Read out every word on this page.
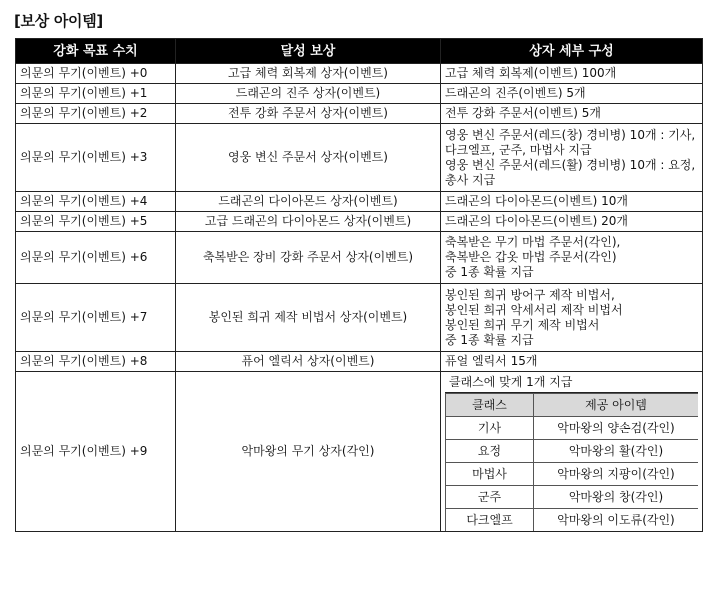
[보상 아이템]
강화 목표 수치	달성 보상	상자 세부 구성
의문의 무기(이벤트) +0	고급 체력 회복제 상자(이벤트)	고급 체력 회복제(이벤트) 100개

의문의 무기(이벤트) +1	드래곤의 진주 상자(이벤트)	드래곤의 진주(이벤트) 5개

의문의 무기(이벤트) +2	전투 강화 주문서 상자(이벤트)	전투 강화 주문서(이벤트) 5개

의문의 무기(이벤트) +3	영웅 변신 주문서 상자(이벤트)	
영웅 변신 주문서(레드(창) 경비병) 10개 : 기사,
다크엘프, 군주, 마법사 지급
영웅 변신 주문서(레드(활) 경비병) 10개 : 요정,
총사 지급

의문의 무기(이벤트) +4	드래곤의 다이아몬드 상자(이벤트)	드래곤의 다이아몬드(이벤트) 10개

의문의 무기(이벤트) +5	고급 드래곤의 다이아몬드 상자(이벤트)	드래곤의 다이아몬드(이벤트) 20개

의문의 무기(이벤트) +6	축복받은 장비 강화 주문서 상자(이벤트)	
축복받은 무기 마법 주문서(각인),
축복받은 갑옷 마법 주문서(각인)
중 1종 확률 지급

의문의 무기(이벤트) +7	봉인된 희귀 제작 비법서 상자(이벤트)	
봉인된 희귀 방어구 제작 비법서,
봉인된 희귀 악세서리 제작 비법서
봉인된 희귀 무기 제작 비법서
중 1종 확률 지급

의문의 무기(이벤트) +8	퓨어 엘릭서 상자(이벤트)	퓨얼 엘릭서 15개

의문의 무기(이벤트) +9	악마왕의 무기 상자(각인)	
클래스에 맞게 1개 지급
클래스	제공 아이템
기사	악마왕의 양손검(각인)
요정	악마왕의 활(각인)
마법사	악마왕의 지팡이(각인)
군주	악마왕의 창(각인)
다크엘프	악마왕의 이도류(각인)
